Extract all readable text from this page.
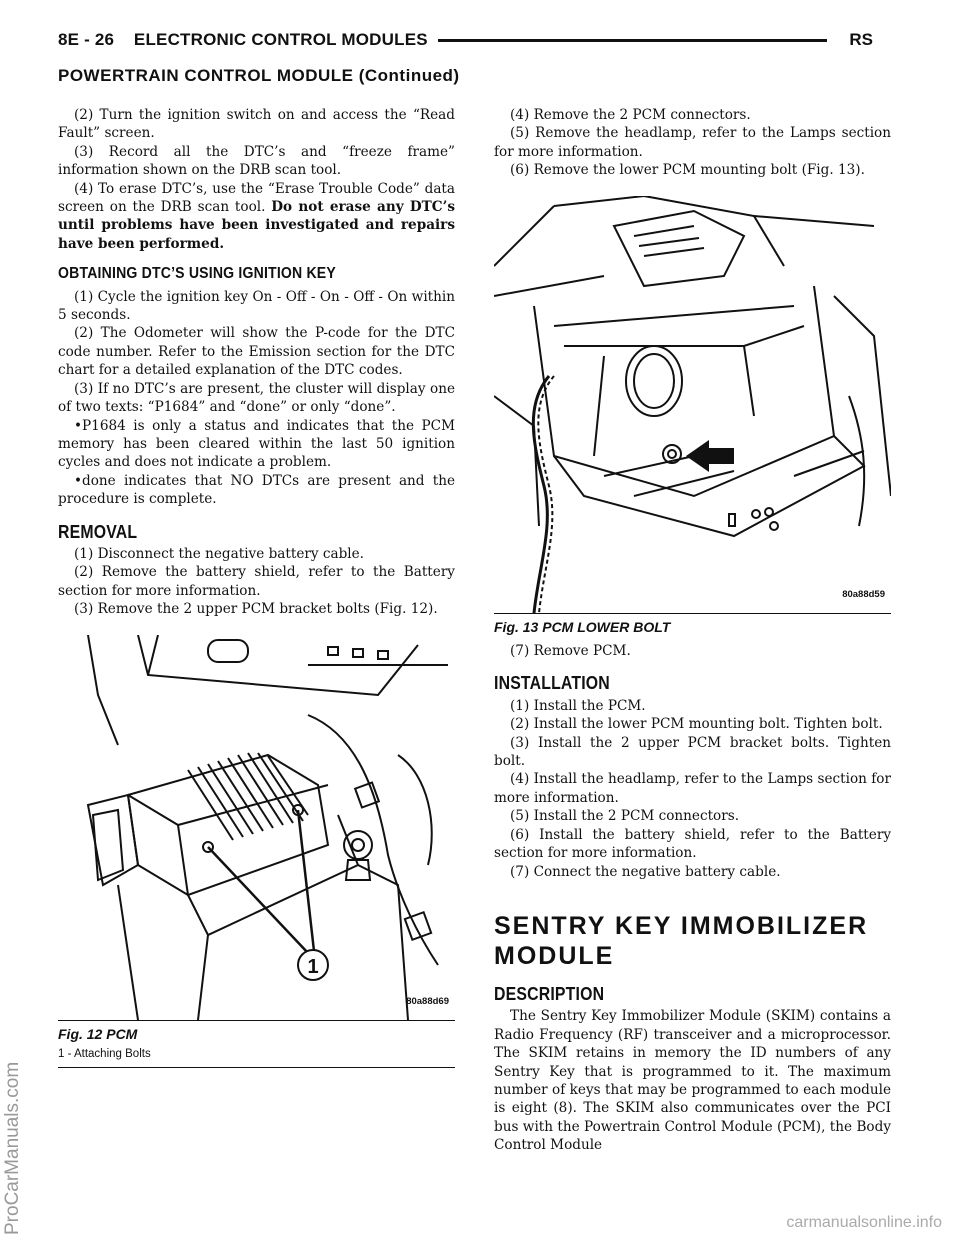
8E - 26    ELECTRONIC CONTROL MODULES	RS
POWERTRAIN CONTROL MODULE (Continued)

(2) Turn the ignition switch on and access the “Read Fault” screen.

(3) Record all the DTC’s and “freeze frame” information shown on the DRB scan tool.

(4) To erase DTC’s, use the “Erase Trouble Code” data screen on the DRB scan tool. Do not erase any DTC’s until problems have been investigated and repairs have been performed.

OBTAINING DTC’S USING IGNITION KEY

(1) Cycle the ignition key On - Off - On - Off - On within 5 seconds.

(2) The Odometer will show the P-code for the DTC code number. Refer to the Emission section for the DTC chart for a detailed explanation of the DTC codes.

(3) If no DTC’s are present, the cluster will display one of two texts: “P1684” and “done” or only “done”.

•P1684 is only a status and indicates that the PCM memory has been cleared within the last 50 ignition cycles and does not indicate a problem.

•done indicates that NO DTCs are present and the procedure is complete.

REMOVAL

(1) Disconnect the negative battery cable.

(2) Remove the battery shield, refer to the Battery section for more information.

(3) Remove the 2 upper PCM bracket bolts (Fig. 12).

1
80a88d69
Fig. 12 PCM
1 - Attaching Bolts

(4) Remove the 2 PCM connectors.

(5) Remove the headlamp, refer to the Lamps section for more information.

(6) Remove the lower PCM mounting bolt (Fig. 13).

80a88d59
Fig. 13 PCM LOWER BOLT

(7) Remove PCM.

INSTALLATION

(1) Install the PCM.

(2) Install the lower PCM mounting bolt. Tighten bolt.

(3) Install the 2 upper PCM bracket bolts. Tighten bolt.

(4) Install the headlamp, refer to the Lamps section for more information.

(5) Install the 2 PCM connectors.

(6) Install the battery shield, refer to the Battery section for more information.

(7) Connect the negative battery cable.

SENTRY KEY IMMOBILIZER MODULE
DESCRIPTION

The Sentry Key Immobilizer Module (SKIM) contains a Radio Frequency (RF) transceiver and a microprocessor. The SKIM retains in memory the ID numbers of any Sentry Key that is programmed to it. The maximum number of keys that may be programmed to each module is eight (8). The SKIM also communicates over the PCI bus with the Powertrain Control Module (PCM), the Body Control Module

ProCarManuals.com	carmanualsonline.info
